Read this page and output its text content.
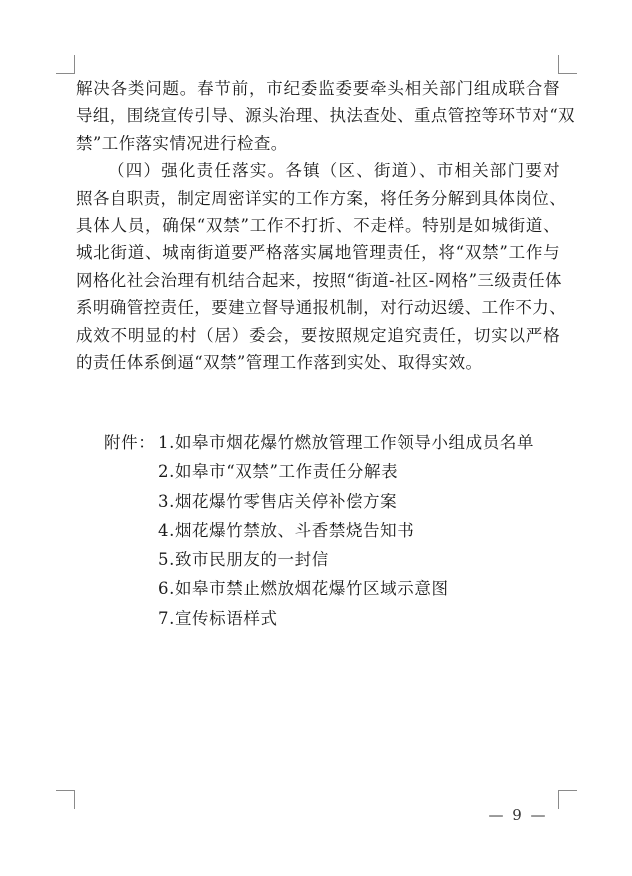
解决各类问题。春节前，市纪委监委要牵头相关部门组成联合督
导组，围绕宣传引导、源头治理、执法查处、重点管控等环节对“双
禁”工作落实情况进行检查。
（四）强化责任落实。各镇（区、街道）、市相关部门要对
照各自职责，制定周密详实的工作方案，将任务分解到具体岗位、
具体人员，确保“双禁”工作不打折、不走样。特别是如城街道、
城北街道、城南街道要严格落实属地管理责任，将“双禁”工作与
网格化社会治理有机结合起来，按照“街道-社区-网格”三级责任体
系明确管控责任，要建立督导通报机制，对行动迟缓、工作不力、
成效不明显的村（居）委会，要按照规定追究责任，切实以严格
的责任体系倒逼“双禁”管理工作落到实处、取得实效。
附件： 1.如皋市烟花爆竹燃放管理工作领导小组成员名单
2.如皋市“双禁”工作责任分解表
3.烟花爆竹零售店关停补偿方案
4.烟花爆竹禁放、斗香禁烧告知书
5.致市民朋友的一封信
6.如皋市禁止燃放烟花爆竹区域示意图
7.宣传标语样式
— 9 —
